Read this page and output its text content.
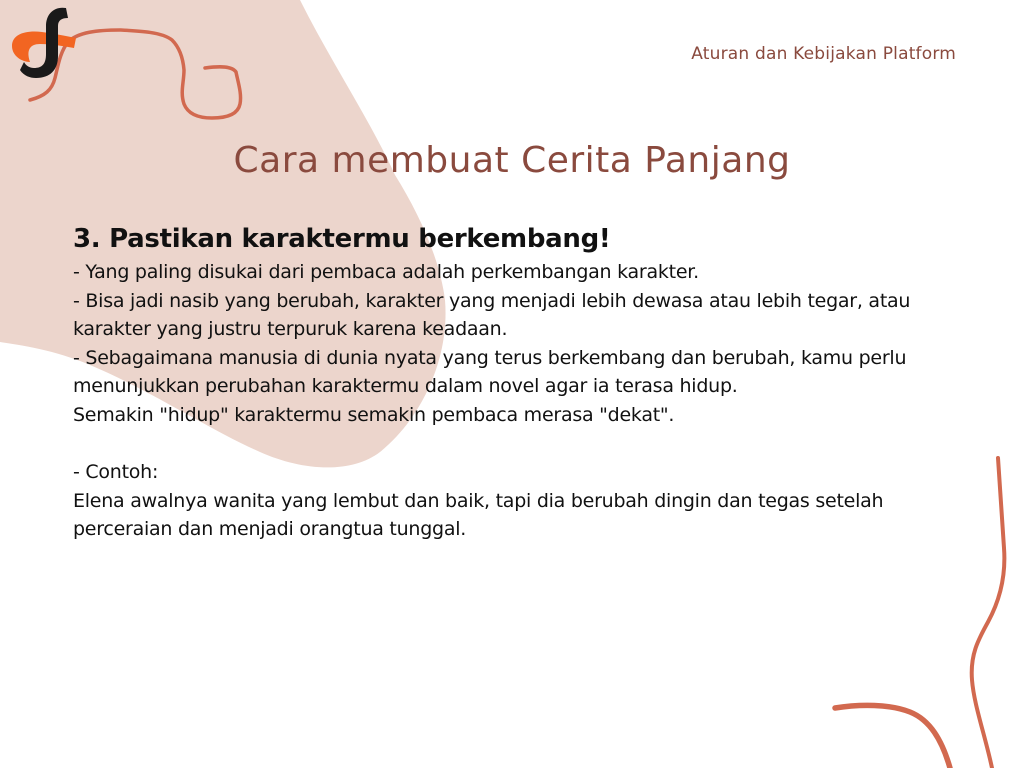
Aturan dan Kebijakan Platform
Cara membuat Cerita Panjang
3. Pastikan karaktermu berkembang!
- Yang paling disukai dari pembaca adalah perkembangan karakter.
- Bisa jadi nasib yang berubah, karakter yang menjadi lebih dewasa atau lebih tegar, atau
karakter yang justru terpuruk karena keadaan.
- Sebagaimana manusia di dunia nyata yang terus berkembang dan berubah, kamu perlu
menunjukkan perubahan karaktermu dalam novel agar ia terasa hidup.
Semakin "hidup" karaktermu semakin pembaca merasa "dekat".
- Contoh:
Elena awalnya wanita yang lembut dan baik, tapi dia berubah dingin dan tegas setelah
perceraian dan menjadi orangtua tunggal.
